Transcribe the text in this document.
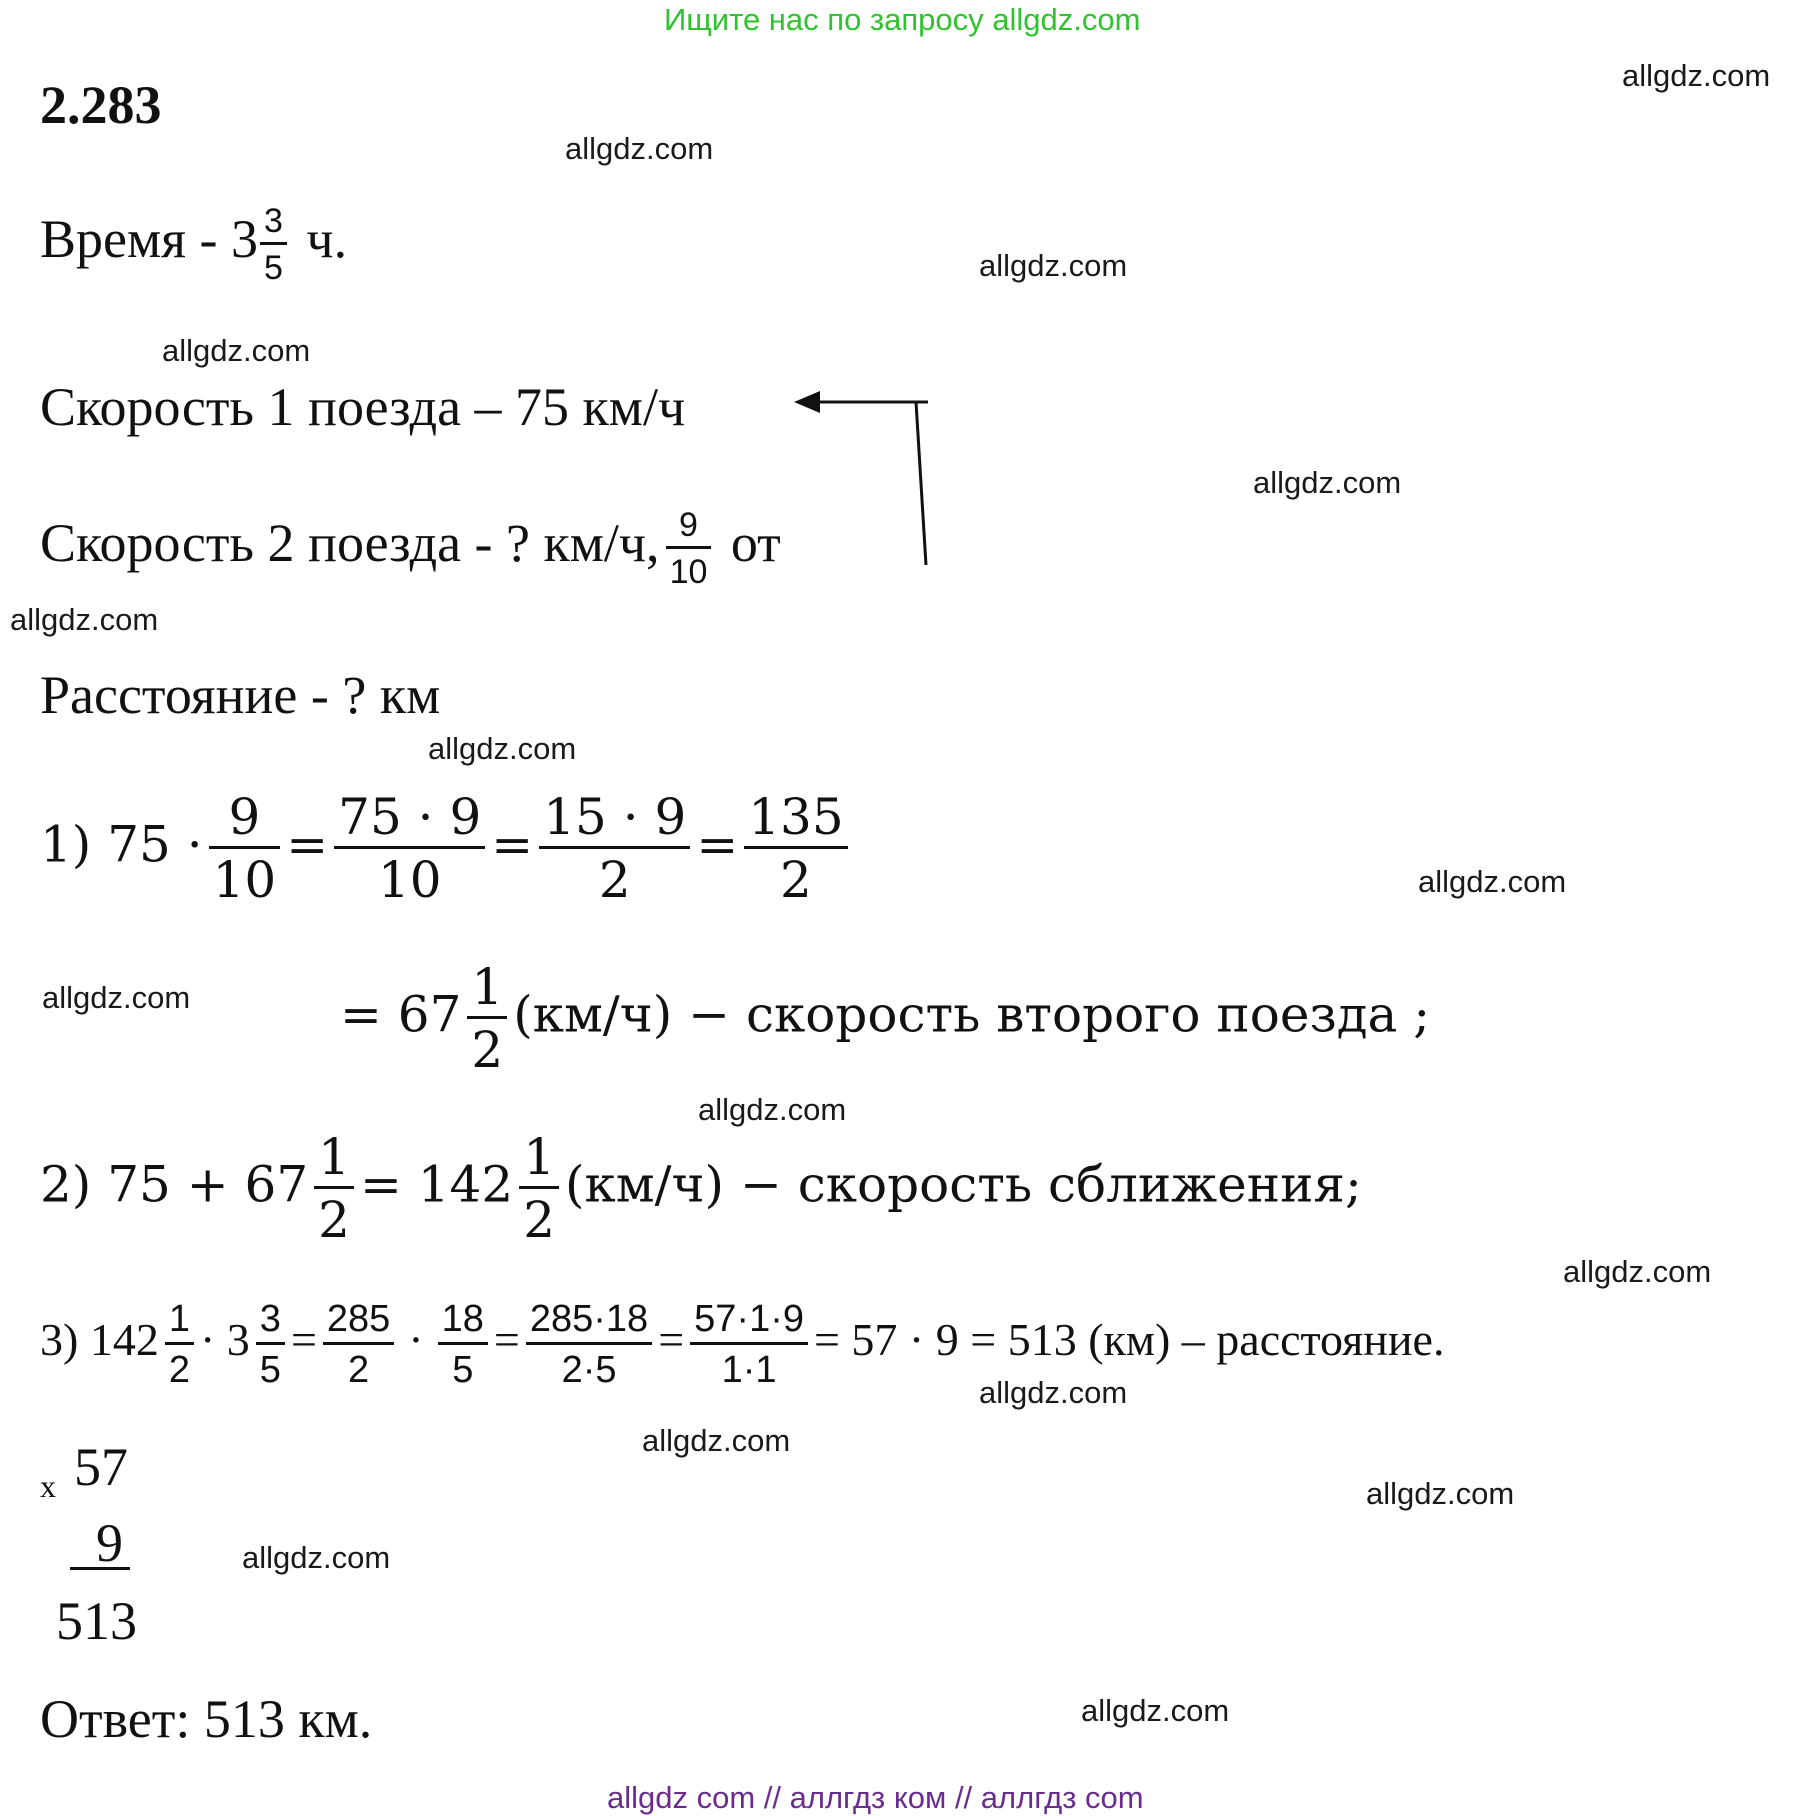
Ищите нас по запросу allgdz.com
allgdz com // аллгдз ком // аллгдз com
allgdz.com
allgdz.com
allgdz.com
allgdz.com
allgdz.com
allgdz.com
allgdz.com
allgdz.com
allgdz.com
allgdz.com
allgdz.com
allgdz.com
allgdz.com
allgdz.com
allgdz.com
allgdz.com
2.283
Время - $3 \frac{3}{5} ч$.
Скорость 1 поезда – 75 км/ч
Скорость 2 поезда - ? км/ч, $\frac{9}{10}$ от
Расстояние - ? км
1) $75 \cdot \frac{9}{10} = \frac{75 \cdot 9}{10} = \frac{15 \cdot 9}{2} = \frac{135}{2}$
= $67 \frac{1}{2} (км/ч)$ − скорость второго поезда ;
2) $75 + 67 \frac{1}{2} = 142 \frac{1}{2} (км/ч)$ − скорость сближения;
3) $142 \frac{1}{2} \cdot 3 \frac{3}{5} = \frac{285}{2} \cdot \frac{18}{5} = \frac{285\cdot 18}{2\cdot 5} = \frac{57\cdot 1\cdot 9}{1\cdot 1} = 57 \cdot 9 = 513$ (км) – расстояние.
x 57
9
513
Ответ: 513 км.
